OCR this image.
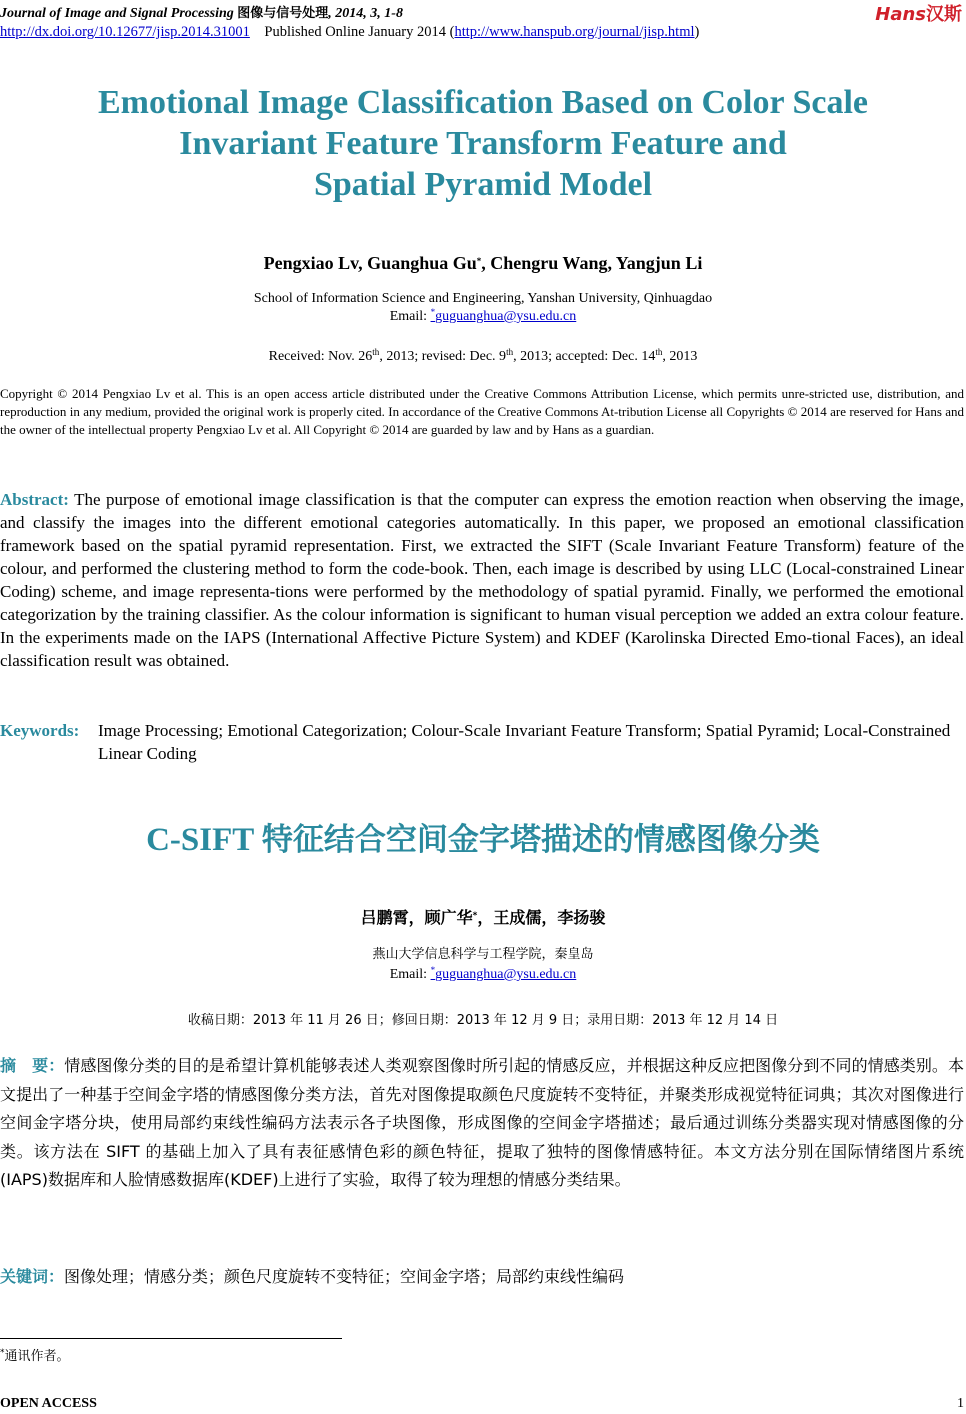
Journal of Image and Signal Processing 图像与信号处理, 2014, 3, 1-8	Hans汉斯
http://dx.doi.org/10.12677/jisp.2014.31001 Published Online January 2014 (http://www.hanspub.org/journal/jisp.html)
Emotional Image Classification Based on Color Scale
Invariant Feature Transform Feature and
Spatial Pyramid Model
Pengxiao Lv, Guanghua Gu*, Chengru Wang, Yangjun Li
School of Information Science and Engineering, Yanshan University, Qinhuagdao
Email: *guguanghua@ysu.edu.cn
Received: Nov. 26th, 2013; revised: Dec. 9th, 2013; accepted: Dec. 14th, 2013
Copyright © 2014 Pengxiao Lv et al. This is an open access article distributed under the Creative Commons Attribution License, which permits unre-stricted use, distribution, and reproduction in any medium, provided the original work is properly cited. In accordance of the Creative Commons At-tribution License all Copyrights © 2014 are reserved for Hans and the owner of the intellectual property Pengxiao Lv et al. All Copyright © 2014 are guarded by law and by Hans as a guardian.
Abstract: The purpose of emotional image classification is that the computer can express the emotion reaction when observing the image, and classify the images into the different emotional categories automatically. In this paper, we proposed an emotional classification framework based on the spatial pyramid representation. First, we extracted the SIFT (Scale Invariant Feature Transform) feature of the colour, and performed the clustering method to form the code-book. Then, each image is described by using LLC (Local-constrained Linear Coding) scheme, and image representa-tions were performed by the methodology of spatial pyramid. Finally, we performed the emotional categorization by the training classifier. As the colour information is significant to human visual perception we added an extra colour feature. In the experiments made on the IAPS (International Affective Picture System) and KDEF (Karolinska Directed Emo-tional Faces), an ideal classification result was obtained.
Keywords: Image Processing; Emotional Categorization; Colour-Scale Invariant Feature Transform; Spatial Pyramid; Local-Constrained Linear Coding
C-SIFT 特征结合空间金字塔描述的情感图像分类
吕鹏霄，顾广华*，王成儒，李扬骏
燕山大学信息科学与工程学院，秦皇岛
Email: *guguanghua@ysu.edu.cn
收稿日期：2013 年 11 月 26 日；修回日期：2013 年 12 月 9 日；录用日期：2013 年 12 月 14 日
摘　要：情感图像分类的目的是希望计算机能够表述人类观察图像时所引起的情感反应，并根据这种反应把图像分到不同的情感类别。本文提出了一种基于空间金字塔的情感图像分类方法，首先对图像提取颜色尺度旋转不变特征，并聚类形成视觉特征词典；其次对图像进行空间金字塔分块，使用局部约束线性编码方法表示各子块图像，形成图像的空间金字塔描述；最后通过训练分类器实现对情感图像的分类。该方法在 SIFT 的基础上加入了具有表征感情色彩的颜色特征，提取了独特的图像情感特征。本文方法分别在国际情绪图片系统(IAPS)数据库和人脸情感数据库(KDEF)上进行了实验，取得了较为理想的情感分类结果。
关键词：图像处理；情感分类；颜色尺度旋转不变特征；空间金字塔；局部约束线性编码
*通讯作者。
OPEN ACCESS	1
